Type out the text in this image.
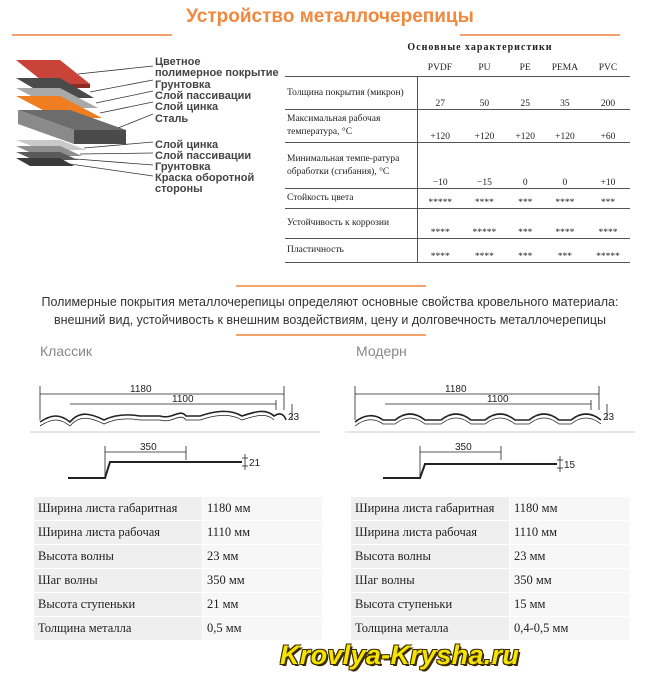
Устройство металлочерепицы
Цветное
полимерное покрытие
Грунтовка
Слой пассивации
Слой цинка
Сталь
Слой цинка
Слой пассивации
Грунтовка
Краска оборотной
стороны
Основные характеристики
	PVDF	PU	PE	PEMA	PVC
Толщина покрытия (микрон)	27	50	25	35	200
Максимальная рабочая температура, °С	+120	+120	+120	+120	+60
Минимальная темпе-ратура обработки (сгибания), °С	−10	−15	0	0	+10
Стойкость цвета	*****	****	***	****	***
Устойчивость к коррозии	****	*****	***	****	****
Пластичность	****	****	***	***	*****
Полимерные покрытия металлочерепицы определяют основные свойства кровельного материала: внешний вид, устойчивость к внешним воздействиям, цену и долговечность металлочерепицы
Классик	Модерн
1180
1100
23
350
21
1180
1100
23
350
15
Ширина листа габаритная	1180 мм
Ширина листа рабочая	1110 мм
Высота волны	23 мм
Шаг волны	350 мм
Высота ступеньки	21 мм
Толщина металла	0,5 мм
Ширина листа габаритная	1180 мм
Ширина листа рабочая	1110 мм
Высота волны	23 мм
Шаг волны	350 мм
Высота ступеньки	15 мм
Толщина металла	0,4-0,5 мм
Krovlya-Krysha.ru
